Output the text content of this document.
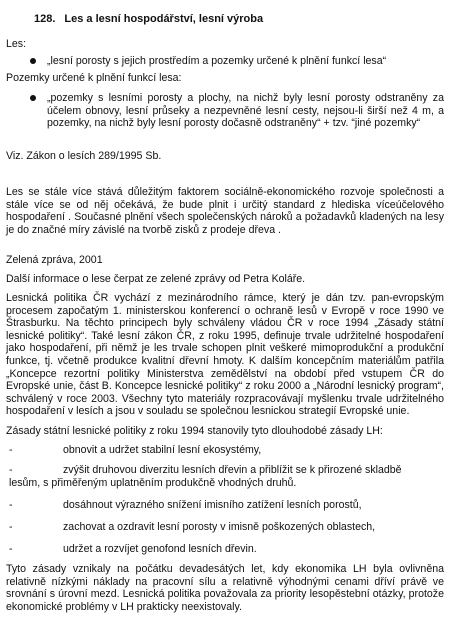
128. Les a lesní hospodářství, lesní výroba

Les:

„lesní porosty s jejich prostředím a pozemky určené k plnění funkcí lesa“

Pozemky určené k plnění funkcí lesa:

„pozemky s lesními porosty a plochy, na nichž byly lesní porosty odstraněny za účelem obnovy, lesní průseky a nezpevněné lesní cesty, nejsou-li širší než 4 m, a pozemky, na nichž byly lesní porosty dočasně odstraněny“ + tzv. “jiné pozemky“

Viz. Zákon o lesích 289/1995 Sb.

Les se stále více stává důležitým faktorem sociálně-ekonomického rozvoje společnosti a stále více se od něj očekává, že bude plnit i určitý standard z hlediska víceúčelového hospodaření . Současné plnění všech společenských nároků a požadavků kladených na lesy je do značné míry závislé na tvorbě zisků z prodeje dřeva .

Zelená zpráva, 2001

Další informace o lese čerpat ze zelené zprávy od Petra Koláře.

Lesnická politika ČR vychází z mezinárodního rámce, který je dán tzv. pan-evropským procesem započatým 1. ministerskou konferencí o ochraně lesů v Evropě v roce 1990 ve Štrasburku. Na těchto principech byly schváleny vládou ČR v roce 1994 „Zásady státní lesnické politiky“. Také lesní zákon ČR, z roku 1995, definuje trvale udržitelné hospodaření jako hospodaření, při němž je les trvale schopen plnit veškeré mimoprodukční a produkční funkce, tj. včetně produkce kvalitní dřevní hmoty. K dalším koncepčním materiálům patřila „Koncepce rezortní politiky Ministerstva zemědělství na období před vstupem ČR do Evropské unie, část B. Koncepce lesnické politiky“ z roku 2000 a „Národní lesnický program“, schválený v roce 2003. Všechny tyto materiály rozpracovávají myšlenku trvale udržitelného hospodaření v lesích a jsou v souladu se společnou lesnickou strategií Evropské unie.

Zásady státní lesnické politiky z roku 1994 stanovily tyto dlouhodobé zásady LH:

-	obnovit a udržet stabilní lesní ekosystémy,
-	zvýšit druhovou diverzitu lesních dřevin a přiblížit se k přirozené skladbě
lesům, s přiměřeným uplatněním produkčně vhodných druhů.
-	dosáhnout výrazného snížení imisního zatížení lesních porostů,
-	zachovat a ozdravit lesní porosty v imisně poškozených oblastech,
-	udržet a rozvíjet genofond lesních dřevin.

Tyto zásady vznikaly na počátku devadesátých let, kdy ekonomika LH byla ovlivněna relativně nízkými náklady na pracovní sílu a relativně výhodnými cenami dříví právě ve srovnání s úrovní mezd. Lesnická politika považovala za priority lesopěstební otázky, protože ekonomické problémy v LH prakticky neexistovaly.
